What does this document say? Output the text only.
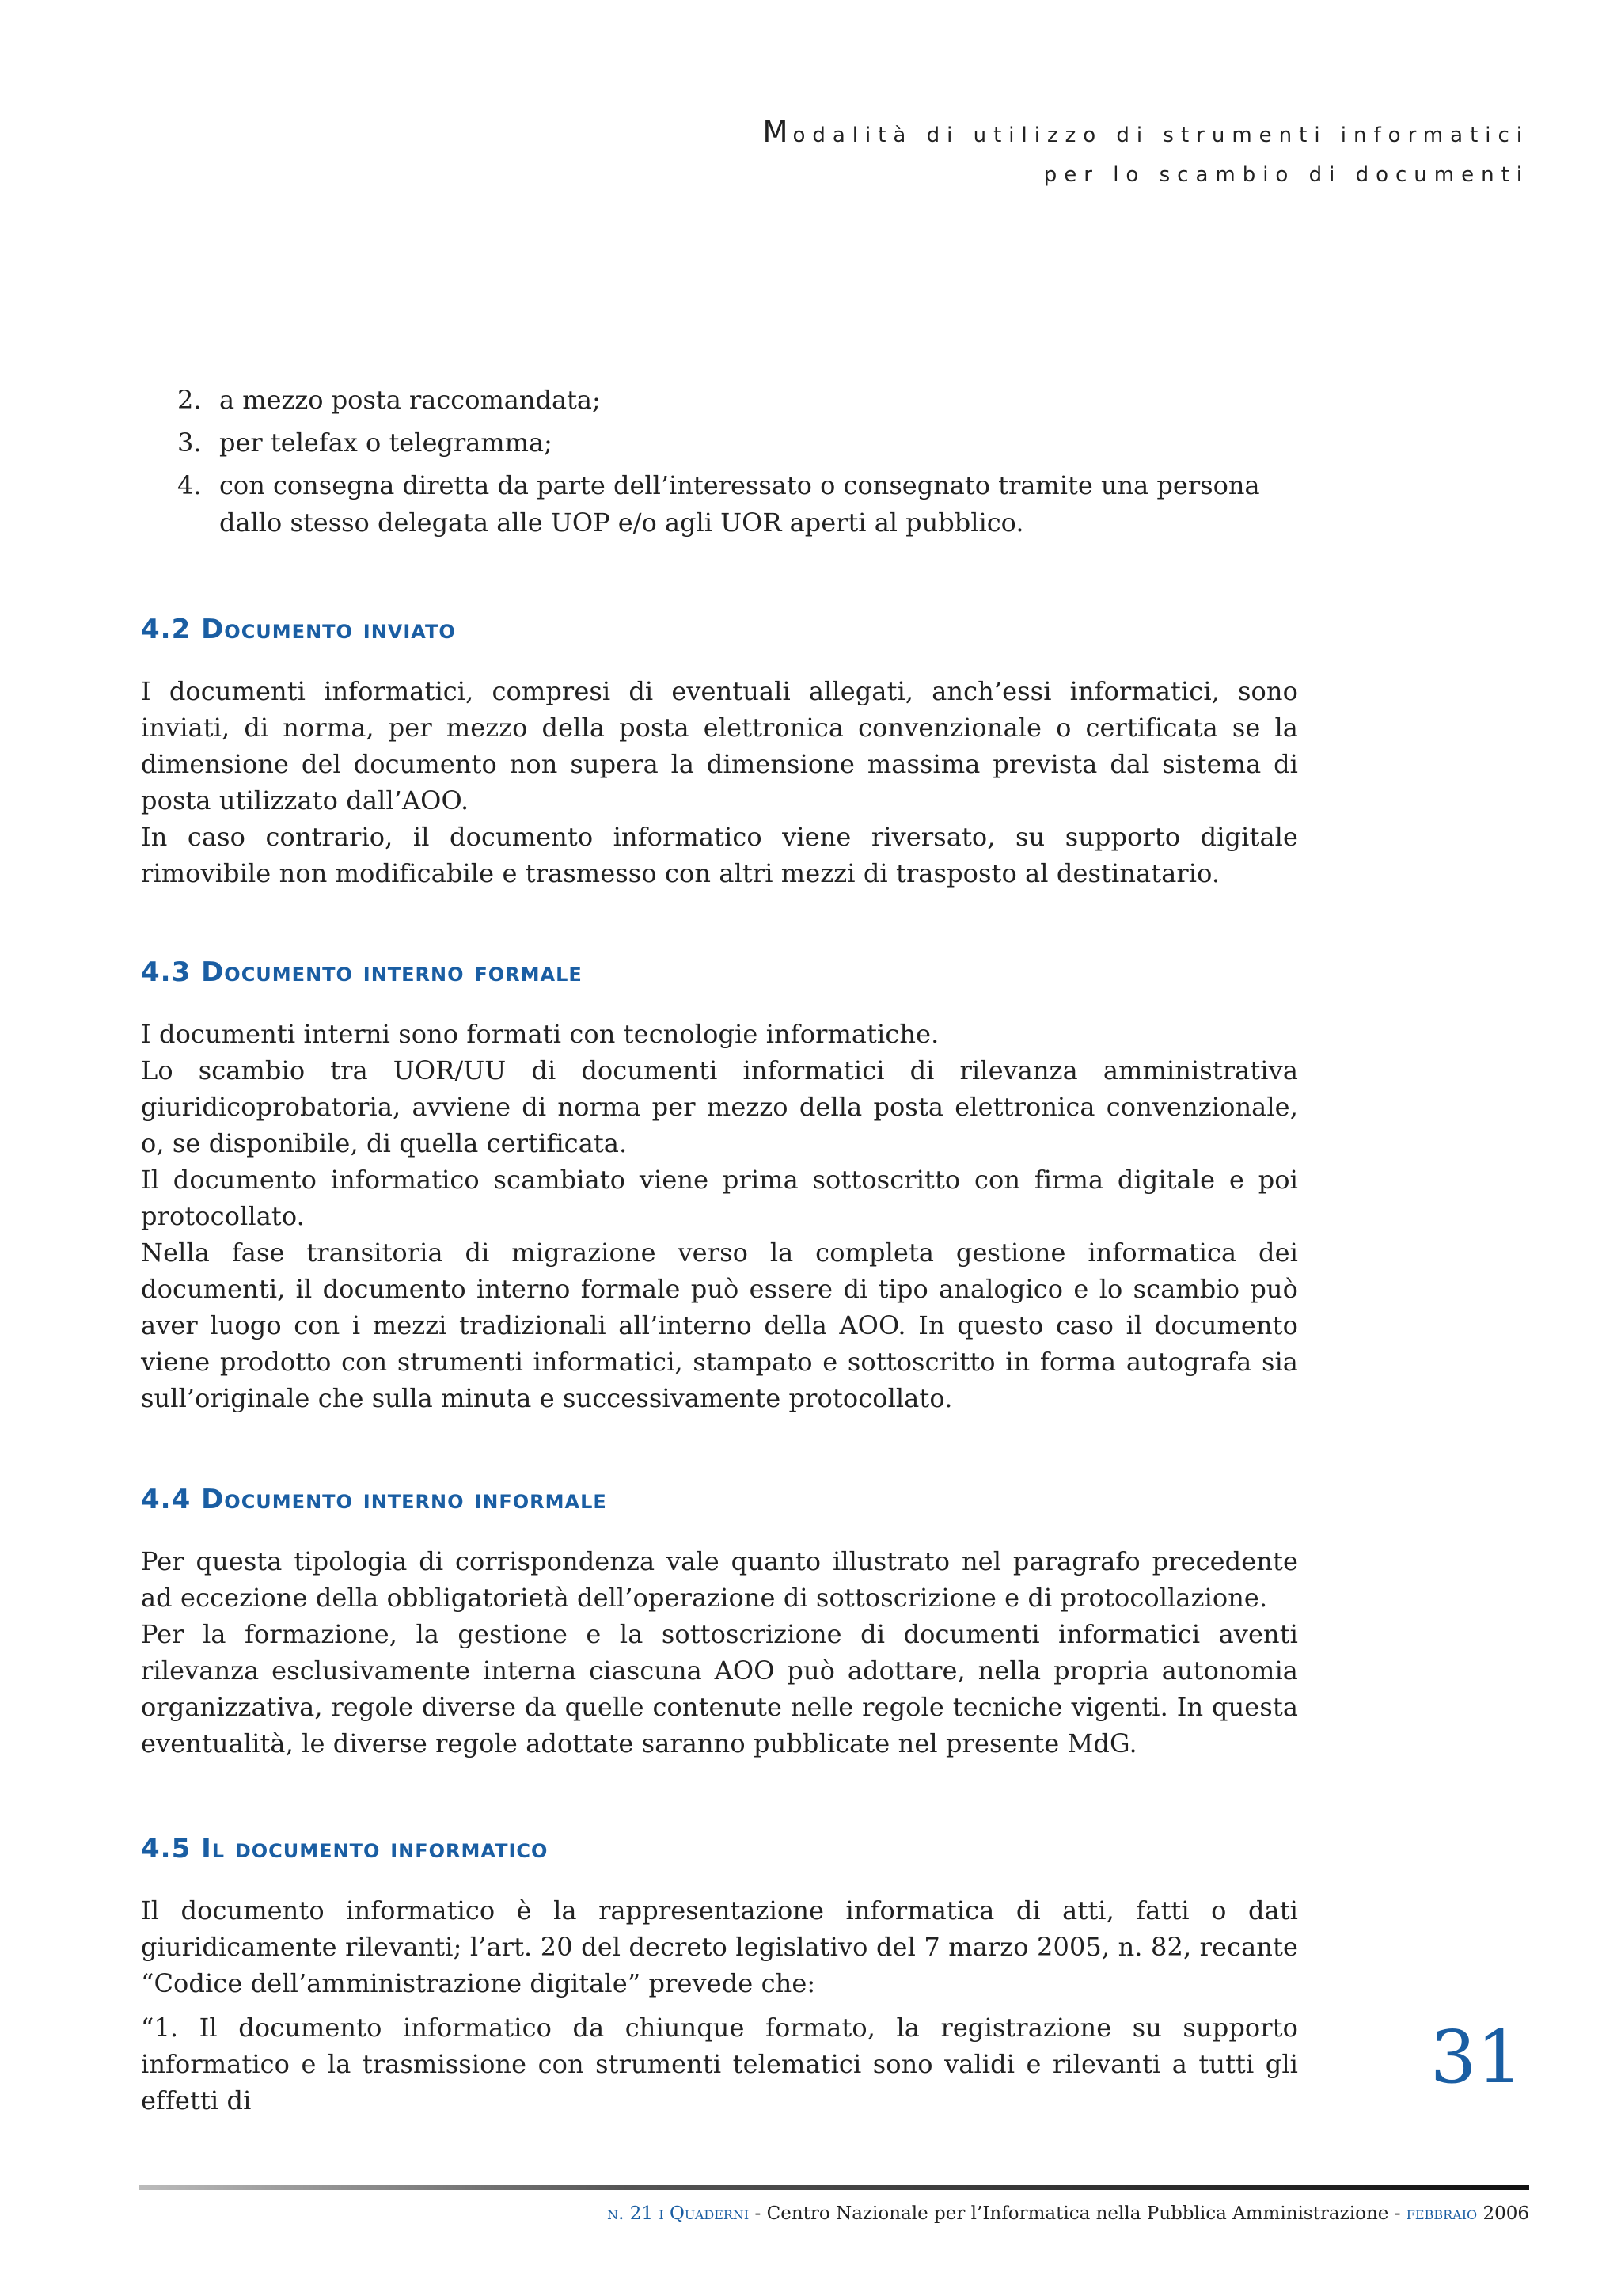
Modalità di utilizzo di strumenti informatici
per lo scambio di documenti
2. a mezzo posta raccomandata;
3. per telefax o telegramma;
4. con consegna diretta da parte dell’interessato o consegnato tramite una persona dallo stesso delegata alle UOP e/o agli UOR aperti al pubblico.
4.2 Documento inviato

I documenti informatici, compresi di eventuali allegati, anch’essi informatici, sono inviati, di norma, per mezzo della posta elettronica convenzionale o certificata se la dimensione del documento non supera la dimensione massima prevista dal sistema di posta utilizzato dall’AOO.

In caso contrario, il documento informatico viene riversato, su supporto digitale rimovibile non modificabile e trasmesso con altri mezzi di trasposto al destinatario.

4.3 Documento interno formale

I documenti interni sono formati con tecnologie informatiche.

Lo scambio tra UOR/UU di documenti informatici di rilevanza amministrativa giuridicoprobatoria, avviene di norma per mezzo della posta elettronica convenzionale, o, se disponibile, di quella certificata.

Il documento informatico scambiato viene prima sottoscritto con firma digitale e poi protocollato.

Nella fase transitoria di migrazione verso la completa gestione informatica dei documenti, il documento interno formale può essere di tipo analogico e lo scambio può aver luogo con i mezzi tradizionali all’interno della AOO. In questo caso il documento viene prodotto con strumenti informatici, stampato e sottoscritto in forma autografa sia sull’originale che sulla minuta e successivamente protocollato.

4.4 Documento interno informale

Per questa tipologia di corrispondenza vale quanto illustrato nel paragrafo precedente ad eccezione della obbligatorietà dell’operazione di sottoscrizione e di protocollazione.

Per la formazione, la gestione e la sottoscrizione di documenti informatici aventi rilevanza esclusivamente interna ciascuna AOO può adottare, nella propria autonomia organizzativa, regole diverse da quelle contenute nelle regole tecniche vigenti. In questa eventualità, le diverse regole adottate saranno pubblicate nel presente MdG.

4.5 Il documento informatico

Il documento informatico è la rappresentazione informatica di atti, fatti o dati giuridicamente rilevanti; l’art. 20 del decreto legislativo del 7 marzo 2005, n. 82, recante “Codice dell’amministrazione digitale” prevede che:

“1. Il documento informatico da chiunque formato, la registrazione su supporto informatico e la trasmissione con strumenti telematici sono validi e rilevanti a tutti gli effetti di

31
n. 21 i Quaderni - Centro Nazionale per l’Informatica nella Pubblica Amministrazione - febbraio 2006
